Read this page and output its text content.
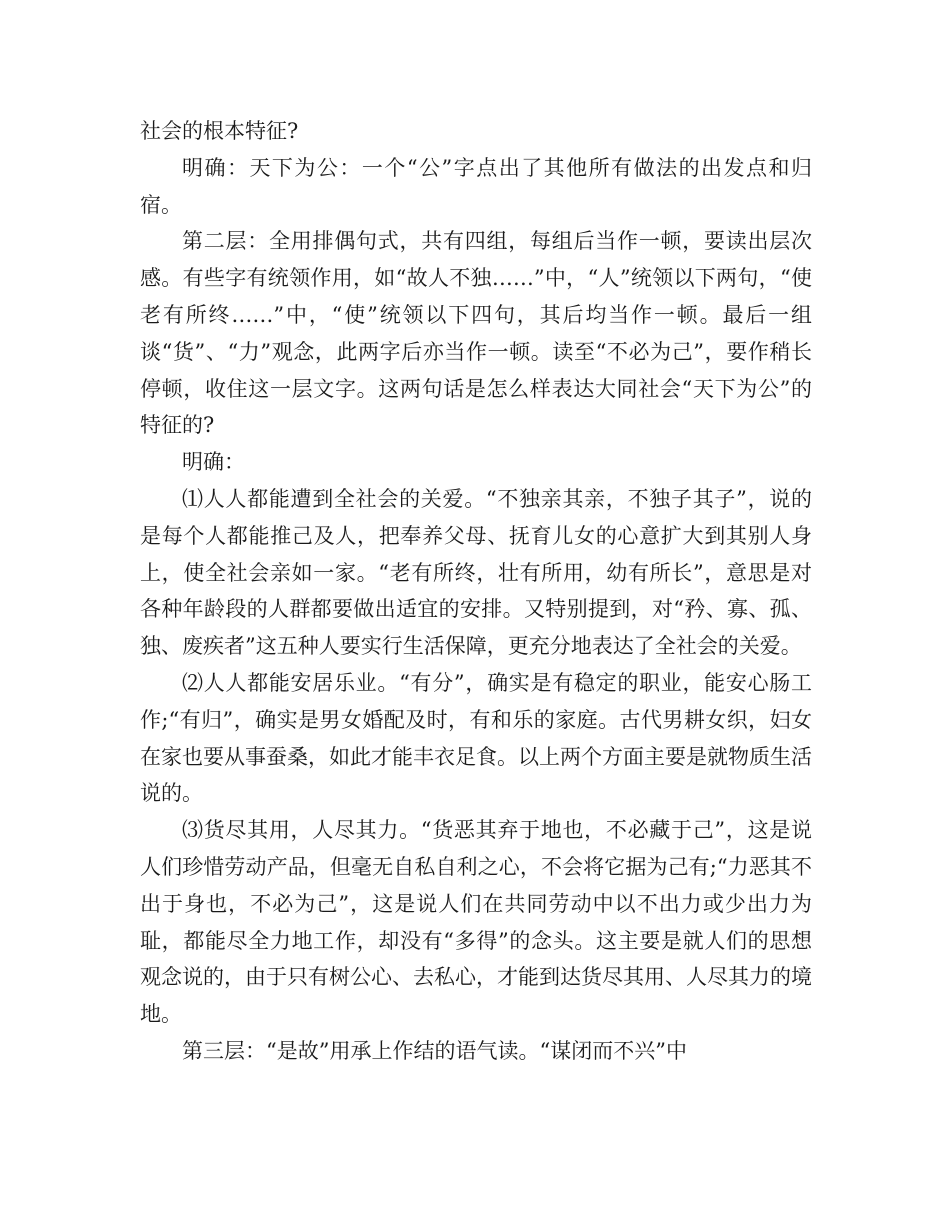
社会的根本特征?

明确：天下为公：一个“公”字点出了其他所有做法的出发点和归宿。

第二层：全用排偶句式，共有四组，每组后当作一顿，要读出层次感。有些字有统领作用，如“故人不独……”中，“人”统领以下两句，“使老有所终……”中，“使”统领以下四句，其后均当作一顿。最后一组谈“货”、“力”观念，此两字后亦当作一顿。读至“不必为己”，要作稍长停顿，收住这一层文字。这两句话是怎么样表达大同社会“天下为公”的特征的?

明确：

⑴人人都能遭到全社会的关爱。“不独亲其亲，不独子其子”，说的是每个人都能推己及人，把奉养父母、抚育儿女的心意扩大到其别人身上，使全社会亲如一家。“老有所终，壮有所用，幼有所长”，意思是对各种年龄段的人群都要做出适宜的安排。又特别提到，对“矜、寡、孤、独、废疾者”这五种人要实行生活保障，更充分地表达了全社会的关爱。

⑵人人都能安居乐业。“有分”，确实是有稳定的职业，能安心肠工作;“有归”，确实是男女婚配及时，有和乐的家庭。古代男耕女织，妇女在家也要从事蚕桑，如此才能丰衣足食。以上两个方面主要是就物质生活说的。

⑶货尽其用，人尽其力。“货恶其弃于地也，不必藏于己”，这是说人们珍惜劳动产品，但毫无自私自利之心，不会将它据为己有;“力恶其不出于身也，不必为己”，这是说人们在共同劳动中以不出力或少出力为耻，都能尽全力地工作，却没有“多得”的念头。这主要是就人们的思想观念说的，由于只有树公心、去私心，才能到达货尽其用、人尽其力的境地。

第三层：“是故”用承上作结的语气读。“谋闭而不兴”中
